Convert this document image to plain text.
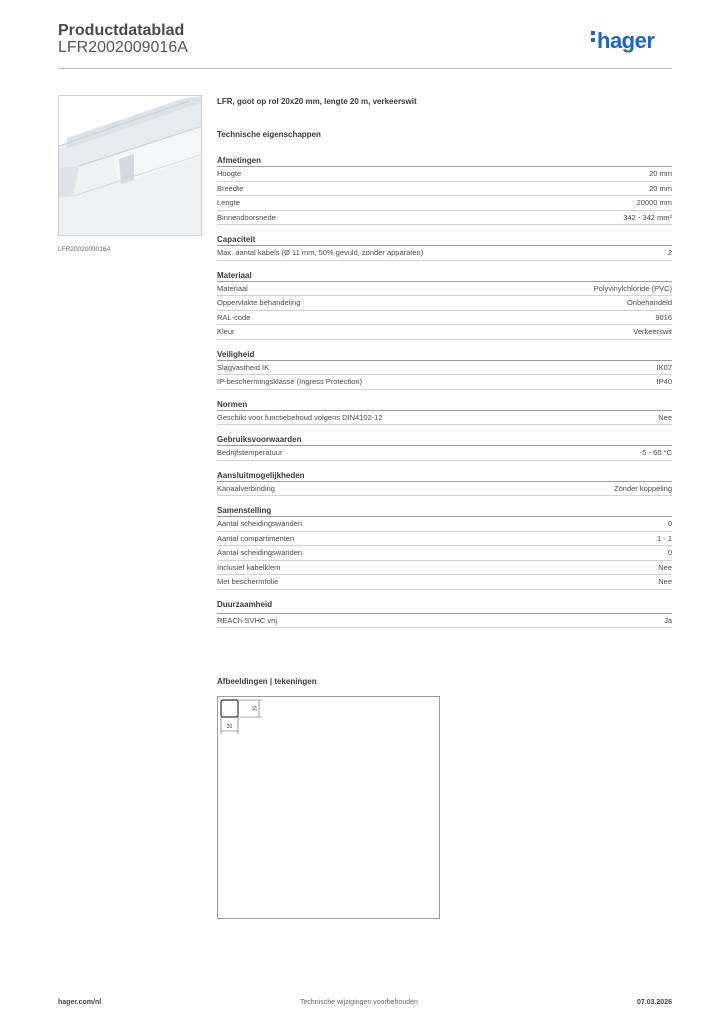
Productdatablad
LFR2002009016A	hager
LFR2002009016A
LFR, goot op rol 20x20 mm, lengte 20 m, verkeerswit
Technische eigenschappen
Afmetingen
Hoogte	20 mm
Breedte	20 mm
Lengte	20000 mm
Binnendoorsnede	342 - 342 mm²
Capaciteit
Max. aantal kabels (Ø 11 mm, 50% gevuld, zonder apparaten)	2
Materiaal
Materiaal	Polyvinylchloride (PVC)
Oppervlakte behandeling	Onbehandeld
RAL-code	9016
Kleur	Verkeerswit
Veiligheid
Slagvastheid IK	IK07
IP-beschermingsklasse (Ingress Protection)	IP40
Normen
Geschikt voor functiebehoud volgens DIN4102-12	Nee
Gebruiksvoorwaarden
Bedrijfstemperatuur	-5 - 60 °C
Aansluitmogelijkheden
Kanaalverbinding	Zonder koppeling
Samenstelling
Aantal scheidingswanden	0
Aantal compartimenten	1 - 1
Aantal scheidingswanden	0
Inclusief kabelklem	Nee
Met beschermfolie	Nee
Duurzaamheid
REACh-SVHC vrij	Ja
Afbeeldingen | tekeningen
20
20
hager.com/nl	Technische wijzigingen voorbehouden	07.03.2026
